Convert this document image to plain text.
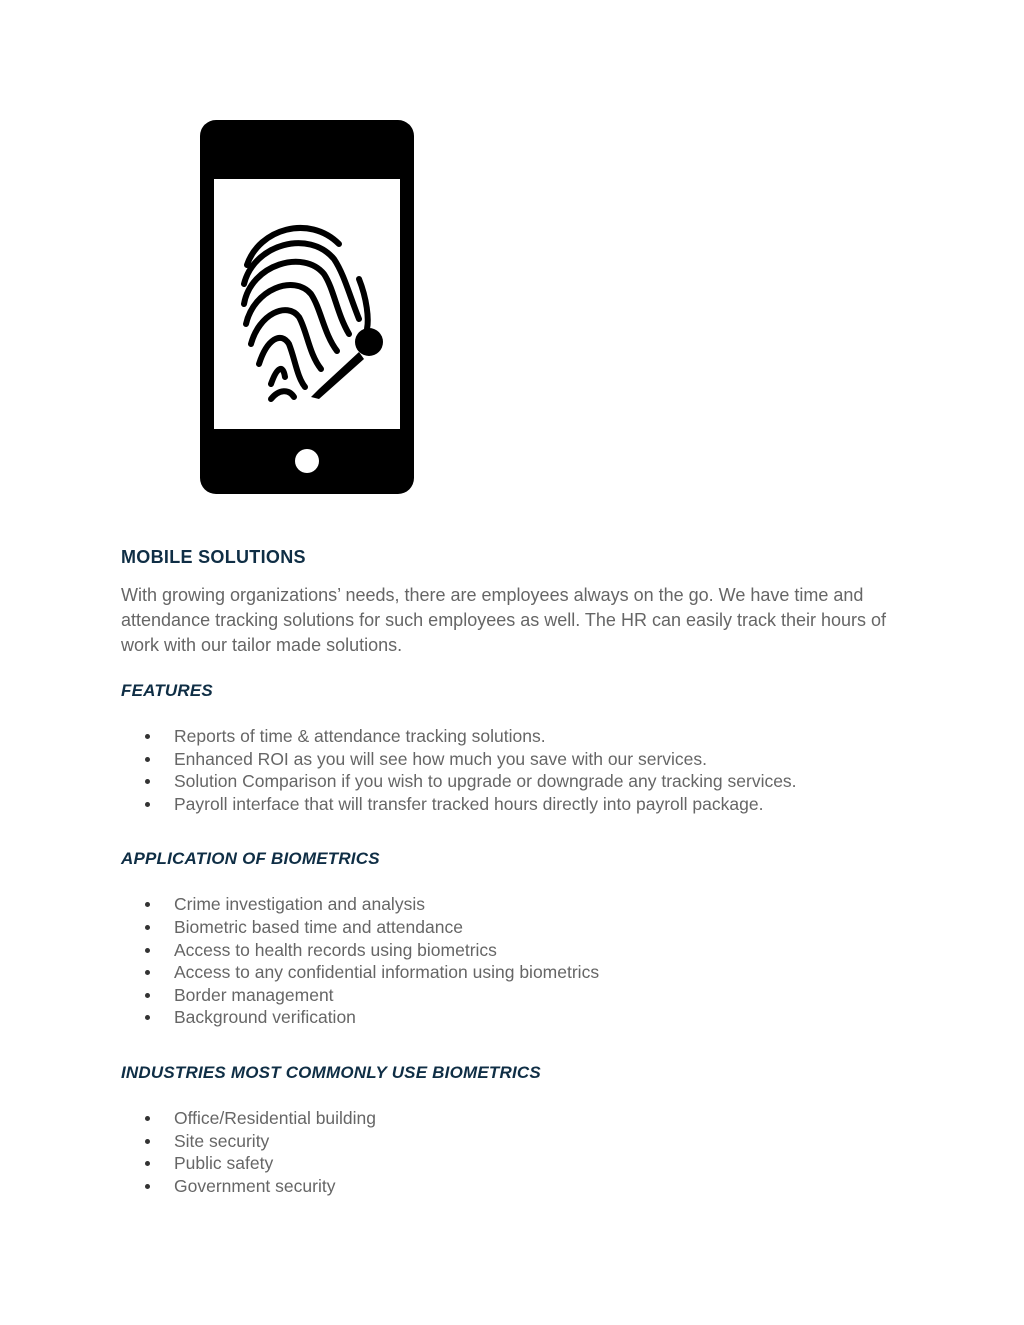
MOBILE SOLUTIONS

With growing organizations’ needs, there are employees always on the go. We have time and attendance tracking solutions for such employees as well. The HR can easily track their hours of work with our tailor made solutions.

FEATURES
Reports of time & attendance tracking solutions.
Enhanced ROI as you will see how much you save with our services.
Solution Comparison if you wish to upgrade or downgrade any tracking services.
Payroll interface that will transfer tracked hours directly into payroll package.
APPLICATION OF BIOMETRICS
Crime investigation and analysis
Biometric based time and attendance
Access to health records using biometrics
Access to any confidential information using biometrics
Border management
Background verification
INDUSTRIES MOST COMMONLY USE BIOMETRICS
Office/Residential building
Site security
Public safety
Government security
